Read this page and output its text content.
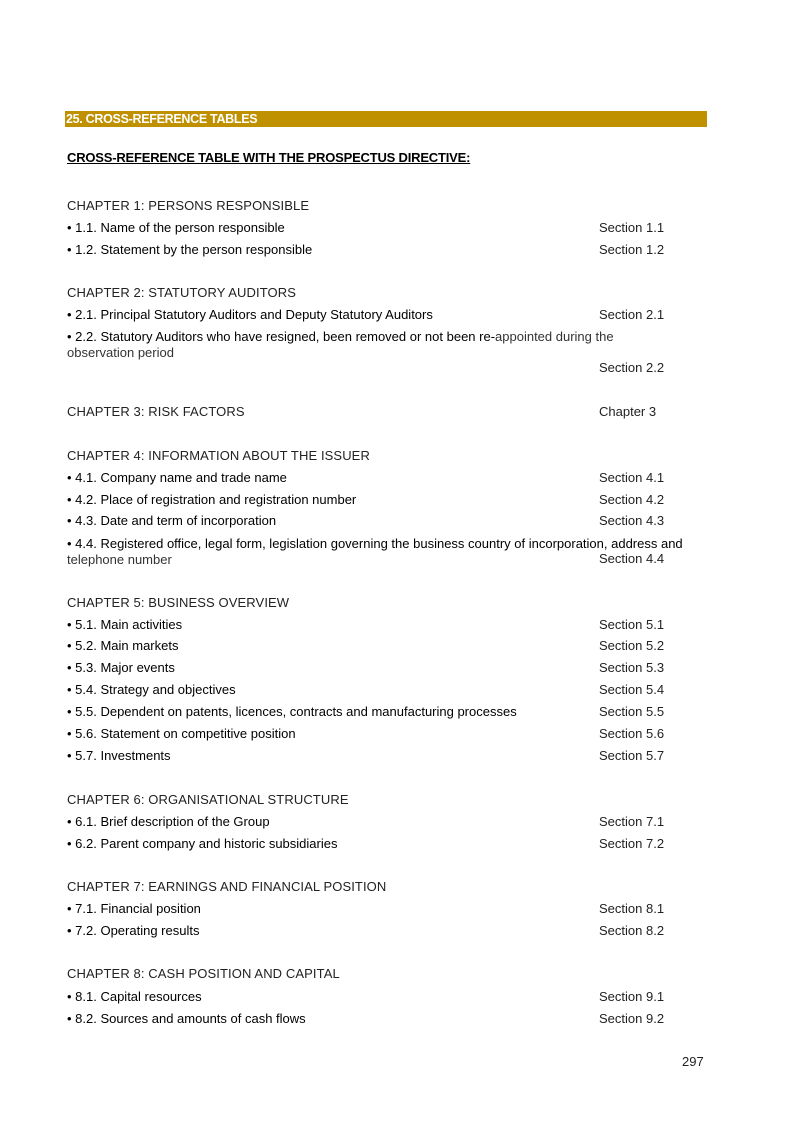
25. CROSS-REFERENCE TABLES
CROSS-REFERENCE TABLE WITH THE PROSPECTUS DIRECTIVE:
CHAPTER 1: PERSONS RESPONSIBLE
• 1.1. Name of the person responsible	Section 1.1
• 1.2. Statement by the person responsible	Section 1.2
CHAPTER 2: STATUTORY AUDITORS
• 2.1. Principal Statutory Auditors and Deputy Statutory Auditors	Section 2.1
• 2.2. Statutory Auditors who have resigned, been removed or not been re-appointed during the
observation period
Section 2.2
CHAPTER 3: RISK FACTORS	Chapter 3
CHAPTER 4: INFORMATION ABOUT THE ISSUER
• 4.1. Company name and trade name	Section 4.1
• 4.2. Place of registration and registration number	Section 4.2
• 4.3. Date and term of incorporation	Section 4.3
• 4.4. Registered office, legal form, legislation governing the business country of incorporation, address and
telephone number	Section 4.4
CHAPTER 5: BUSINESS OVERVIEW
• 5.1. Main activities	Section 5.1
• 5.2. Main markets	Section 5.2
• 5.3. Major events	Section 5.3
• 5.4. Strategy and objectives	Section 5.4
• 5.5. Dependent on patents, licences, contracts and manufacturing processes	Section 5.5
• 5.6. Statement on competitive position	Section 5.6
• 5.7. Investments	Section 5.7
CHAPTER 6: ORGANISATIONAL STRUCTURE
• 6.1. Brief description of the Group	Section 7.1
• 6.2. Parent company and historic subsidiaries	Section 7.2
CHAPTER 7: EARNINGS AND FINANCIAL POSITION
• 7.1. Financial position	Section 8.1
• 7.2. Operating results	Section 8.2
CHAPTER 8: CASH POSITION AND CAPITAL
• 8.1. Capital resources	Section 9.1
• 8.2. Sources and amounts of cash flows	Section 9.2
297
